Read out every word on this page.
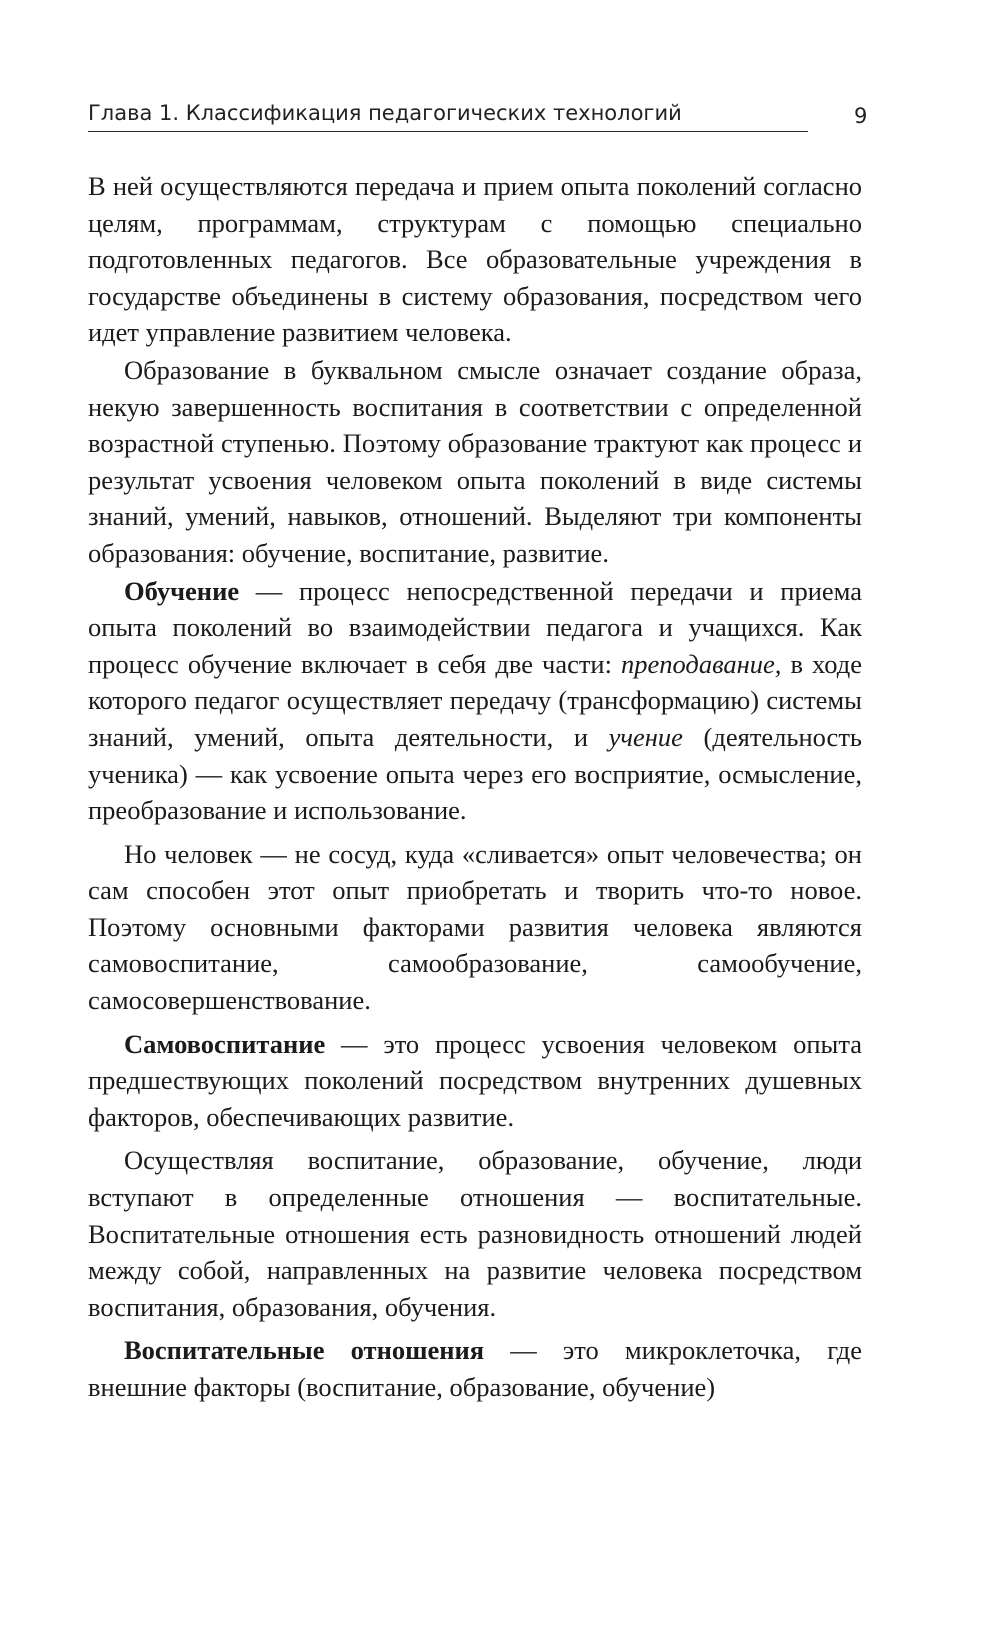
Глава 1. Классификация педагогических технологий	9

В ней осуществляются передача и прием опыта поколений согласно целям, программам, структурам с помощью специально подготовленных педагогов. Все образовательные учреждения в государстве объединены в систему образования, посредством чего идет управление развитием человека.

Образование в буквальном смысле означает создание образа, некую завершенность воспитания в соответствии с определенной возрастной ступенью. Поэтому образование трактуют как процесс и результат усвоения человеком опыта поколений в виде системы знаний, умений, навыков, отношений. Выделяют три компоненты образования: обучение, воспитание, развитие.

Обучение — процесс непосредственной передачи и приема опыта поколений во взаимодействии педагога и учащихся. Как процесс обучение включает в себя две части: преподавание, в ходе которого педагог осуществляет передачу (трансформацию) системы знаний, умений, опыта деятельности, и учение (деятельность ученика) — как усвоение опыта через его восприятие, осмысление, преобразование и использование.

Но человек — не сосуд, куда «сливается» опыт человечества; он сам способен этот опыт приобретать и творить что-то новое. Поэтому основными факторами развития человека являются самовоспитание, самообразование, самообучение, самосовершенствование.

Самовоспитание — это процесс усвоения человеком опыта предшествующих поколений посредством внутренних душевных факторов, обеспечивающих развитие.

Осуществляя воспитание, образование, обучение, люди вступают в определенные отношения — воспитательные. Воспитательные отношения есть разновидность отношений людей между собой, направленных на развитие человека посредством воспитания, образования, обучения.

Воспитательные отношения — это микроклеточка, где внешние факторы (воспитание, образование, обучение)
